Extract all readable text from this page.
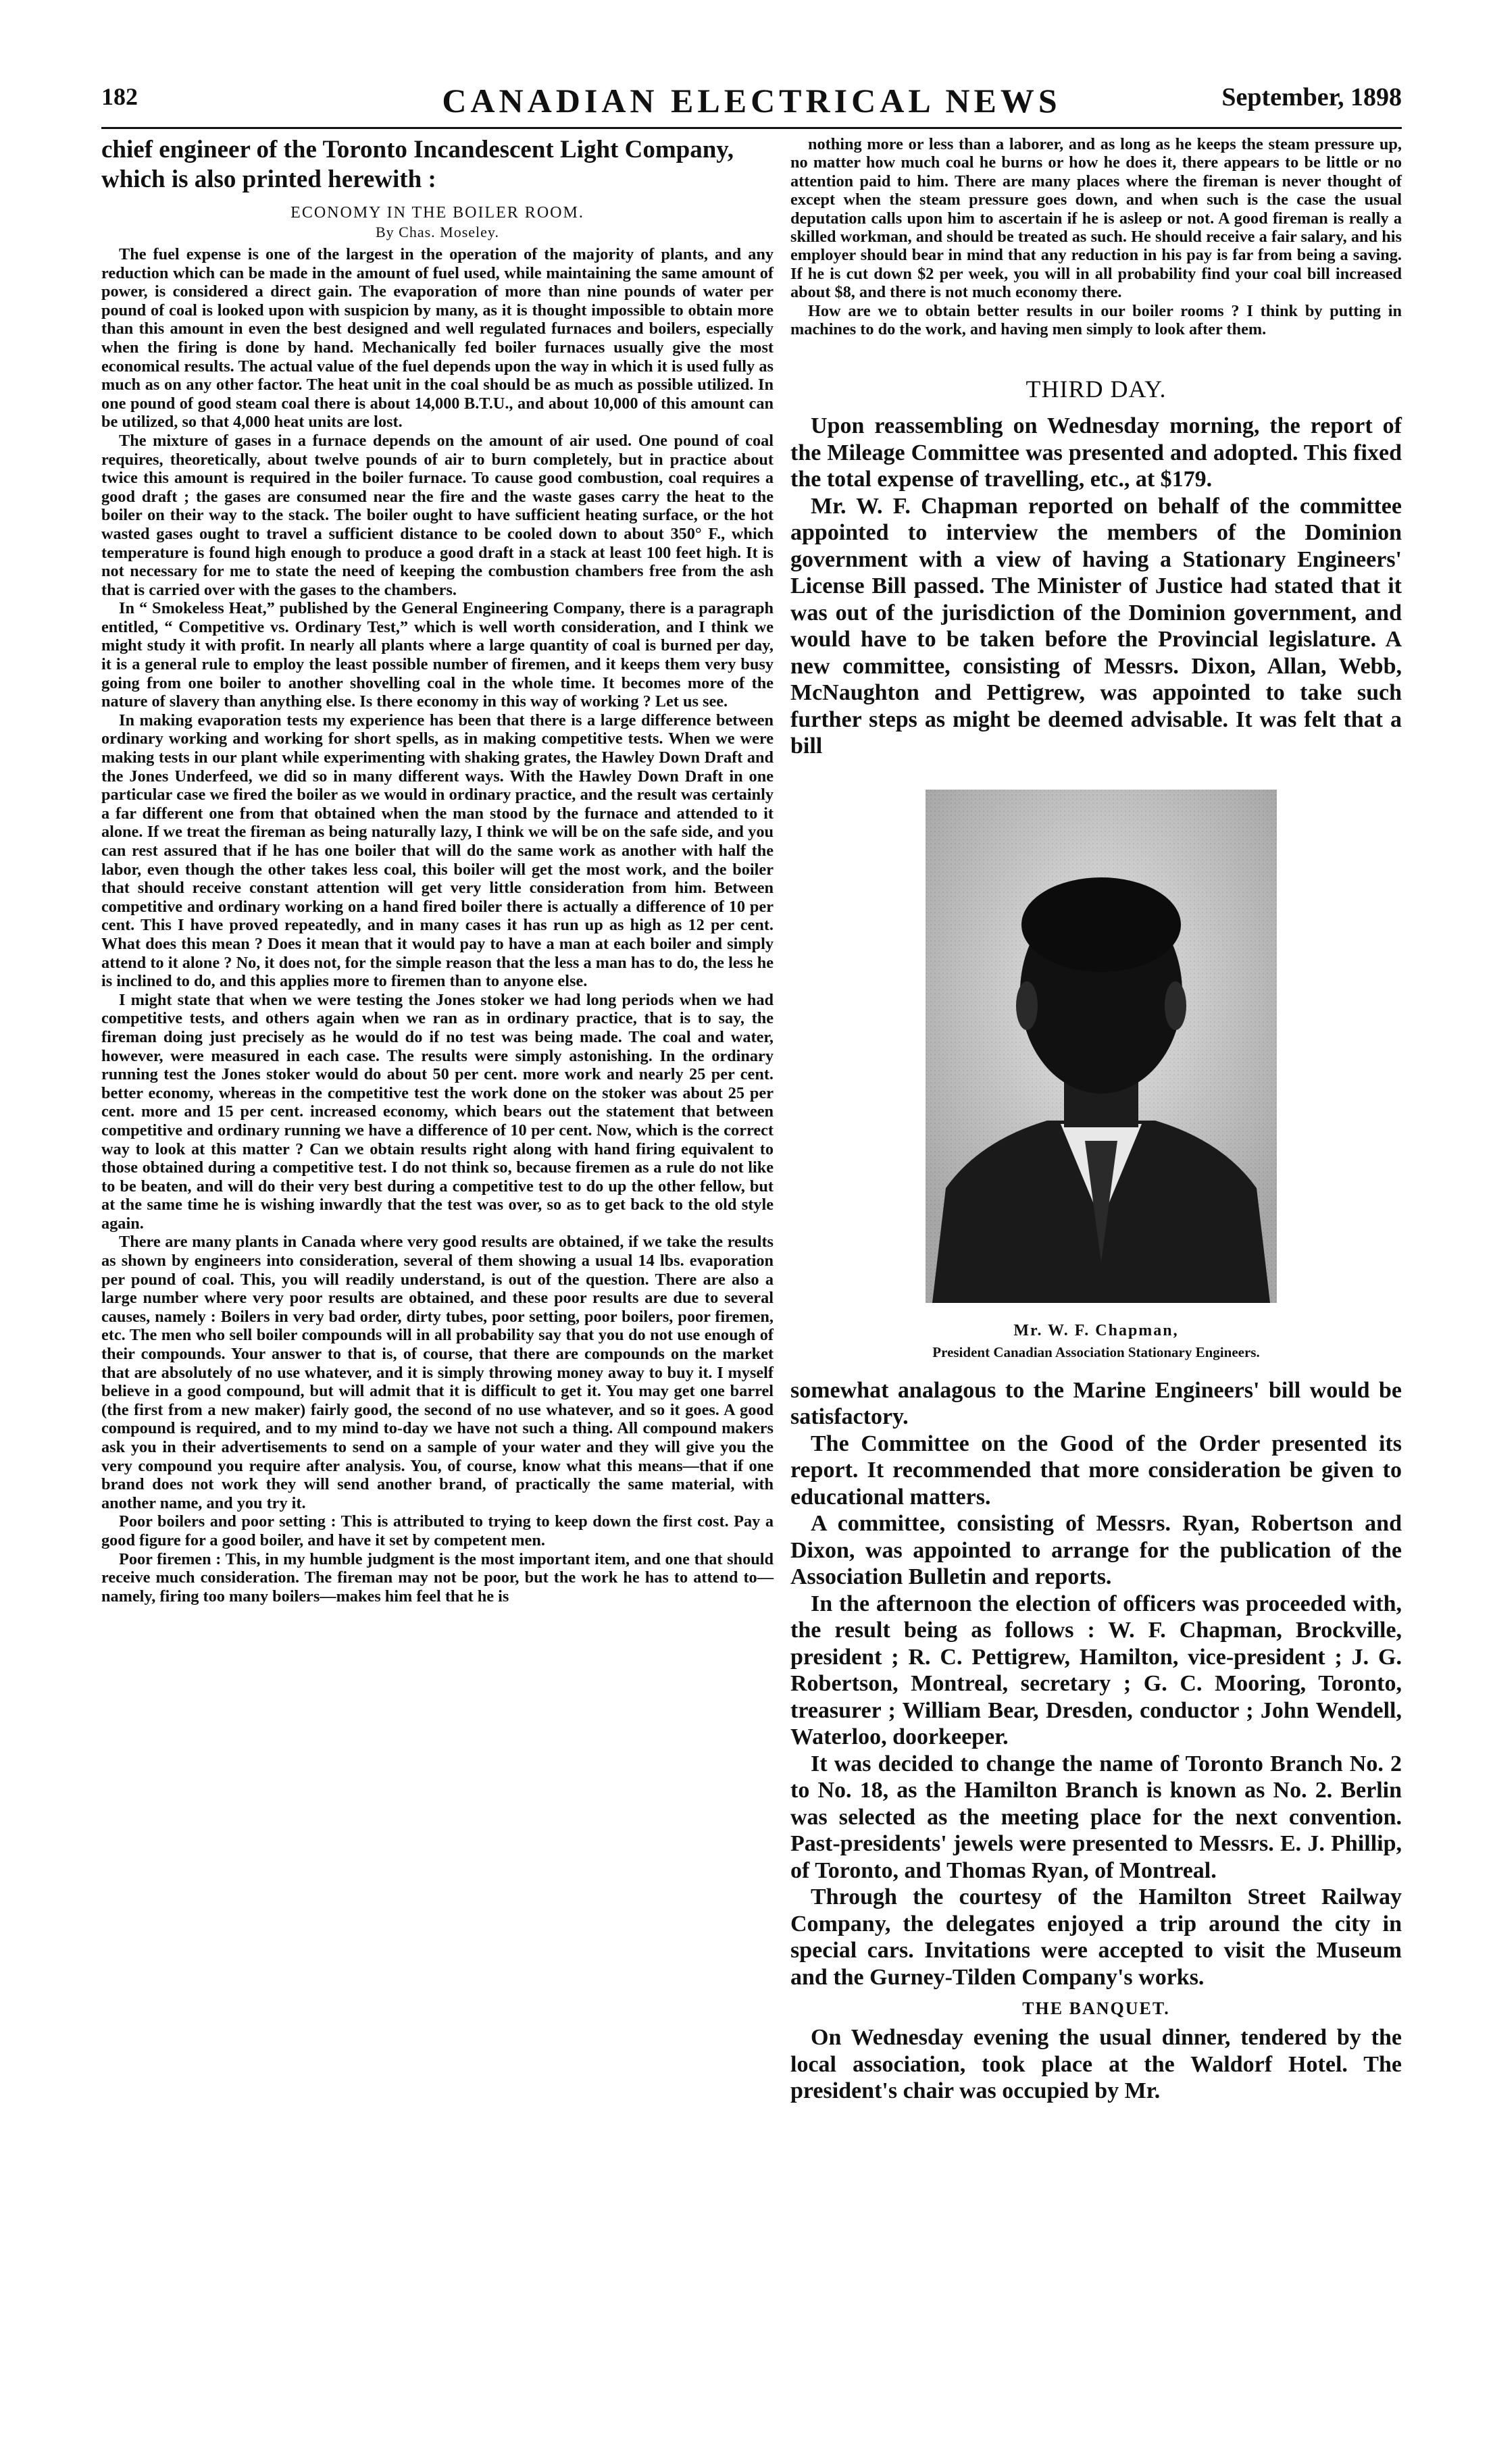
182	CANADIAN ELECTRICAL NEWS	September, 1898

chief engineer of the Toronto Incandescent Light Company, which is also printed herewith :

ECONOMY IN THE BOILER ROOM.
By Chas. Moseley.

The fuel expense is one of the largest in the operation of the majority of plants, and any reduction which can be made in the amount of fuel used, while maintaining the same amount of power, is considered a direct gain. The evaporation of more than nine pounds of water per pound of coal is looked upon with suspicion by many, as it is thought impossible to obtain more than this amount in even the best designed and well regulated furnaces and boilers, especially when the firing is done by hand. Mechanically fed boiler furnaces usually give the most economical results. The actual value of the fuel depends upon the way in which it is used fully as much as on any other factor. The heat unit in the coal should be as much as possible utilized. In one pound of good steam coal there is about 14,000 B.T.U., and about 10,000 of this amount can be utilized, so that 4,000 heat units are lost.

The mixture of gases in a furnace depends on the amount of air used. One pound of coal requires, theoretically, about twelve pounds of air to burn completely, but in practice about twice this amount is required in the boiler furnace. To cause good combustion, coal requires a good draft ; the gases are consumed near the fire and the waste gases carry the heat to the boiler on their way to the stack. The boiler ought to have sufficient heating surface, or the hot wasted gases ought to travel a sufficient distance to be cooled down to about 350° F., which temperature is found high enough to produce a good draft in a stack at least 100 feet high. It is not necessary for me to state the need of keeping the combustion chambers free from the ash that is carried over with the gases to the chambers.

In “ Smokeless Heat,” published by the General Engineering Company, there is a paragraph entitled, “ Competitive vs. Ordinary Test,” which is well worth consideration, and I think we might study it with profit. In nearly all plants where a large quantity of coal is burned per day, it is a general rule to employ the least possible number of firemen, and it keeps them very busy going from one boiler to another shovelling coal in the whole time. It becomes more of the nature of slavery than anything else. Is there economy in this way of working ? Let us see.

In making evaporation tests my experience has been that there is a large difference between ordinary working and working for short spells, as in making competitive tests. When we were making tests in our plant while experimenting with shaking grates, the Hawley Down Draft and the Jones Underfeed, we did so in many different ways. With the Hawley Down Draft in one particular case we fired the boiler as we would in ordinary practice, and the result was certainly a far different one from that obtained when the man stood by the furnace and attended to it alone. If we treat the fireman as being naturally lazy, I think we will be on the safe side, and you can rest assured that if he has one boiler that will do the same work as another with half the labor, even though the other takes less coal, this boiler will get the most work, and the boiler that should receive constant attention will get very little consideration from him. Between competitive and ordinary working on a hand fired boiler there is actually a difference of 10 per cent. This I have proved repeatedly, and in many cases it has run up as high as 12 per cent. What does this mean ? Does it mean that it would pay to have a man at each boiler and simply attend to it alone ? No, it does not, for the simple reason that the less a man has to do, the less he is inclined to do, and this applies more to firemen than to anyone else.

I might state that when we were testing the Jones stoker we had long periods when we had competitive tests, and others again when we ran as in ordinary practice, that is to say, the fireman doing just precisely as he would do if no test was being made. The coal and water, however, were measured in each case. The results were simply astonishing. In the ordinary running test the Jones stoker would do about 50 per cent. more work and nearly 25 per cent. better economy, whereas in the competitive test the work done on the stoker was about 25 per cent. more and 15 per cent. increased economy, which bears out the statement that between competitive and ordinary running we have a difference of 10 per cent. Now, which is the correct way to look at this matter ? Can we obtain results right along with hand firing equivalent to those obtained during a competitive test. I do not think so, because firemen as a rule do not like to be beaten, and will do their very best during a competitive test to do up the other fellow, but at the same time he is wishing inwardly that the test was over, so as to get back to the old style again.

There are many plants in Canada where very good results are obtained, if we take the results as shown by engineers into consideration, several of them showing a usual 14 lbs. evaporation per pound of coal. This, you will readily understand, is out of the question. There are also a large number where very poor results are obtained, and these poor results are due to several causes, namely : Boilers in very bad order, dirty tubes, poor setting, poor boilers, poor firemen, etc. The men who sell boiler compounds will in all probability say that you do not use enough of their compounds. Your answer to that is, of course, that there are compounds on the market that are absolutely of no use whatever, and it is simply throwing money away to buy it. I myself believe in a good compound, but will admit that it is difficult to get it. You may get one barrel (the first from a new maker) fairly good, the second of no use whatever, and so it goes. A good compound is required, and to my mind to-day we have not such a thing. All compound makers ask you in their advertisements to send on a sample of your water and they will give you the very compound you require after analysis. You, of course, know what this means—that if one brand does not work they will send another brand, of practically the same material, with another name, and you try it.

Poor boilers and poor setting : This is attributed to trying to keep down the first cost. Pay a good figure for a good boiler, and have it set by competent men.

Poor firemen : This, in my humble judgment is the most important item, and one that should receive much consideration. The fireman may not be poor, but the work he has to attend to—namely, firing too many boilers—makes him feel that he is

nothing more or less than a laborer, and as long as he keeps the steam pressure up, no matter how much coal he burns or how he does it, there appears to be little or no attention paid to him. There are many places where the fireman is never thought of except when the steam pressure goes down, and when such is the case the usual deputation calls upon him to ascertain if he is asleep or not. A good fireman is really a skilled workman, and should be treated as such. He should receive a fair salary, and his employer should bear in mind that any reduction in his pay is far from being a saving. If he is cut down $2 per week, you will in all probability find your coal bill increased about $8, and there is not much economy there.

How are we to obtain better results in our boiler rooms ? I think by putting in machines to do the work, and having men simply to look after them.

THIRD DAY.

Upon reassembling on Wednesday morning, the report of the Mileage Committee was presented and adopted. This fixed the total expense of travelling, etc., at $179.

Mr. W. F. Chapman reported on behalf of the committee appointed to interview the members of the Dominion government with a view of having a Stationary Engineers' License Bill passed. The Minister of Justice had stated that it was out of the jurisdiction of the Dominion government, and would have to be taken before the Provincial legislature. A new committee, consisting of Messrs. Dixon, Allan, Webb, McNaughton and Pettigrew, was appointed to take such further steps as might be deemed advisable. It was felt that a bill

Mr. W. F. Chapman,
President Canadian Association Stationary Engineers.

somewhat analagous to the Marine Engineers' bill would be satisfactory.

The Committee on the Good of the Order presented its report. It recommended that more consideration be given to educational matters.

A committee, consisting of Messrs. Ryan, Robertson and Dixon, was appointed to arrange for the publication of the Association Bulletin and reports.

In the afternoon the election of officers was proceeded with, the result being as follows : W. F. Chapman, Brockville, president ; R. C. Pettigrew, Hamilton, vice-president ; J. G. Robertson, Montreal, secretary ; G. C. Mooring, Toronto, treasurer ; William Bear, Dresden, conductor ; John Wendell, Waterloo, doorkeeper.

It was decided to change the name of Toronto Branch No. 2 to No. 18, as the Hamilton Branch is known as No. 2. Berlin was selected as the meeting place for the next convention. Past-presidents' jewels were presented to Messrs. E. J. Phillip, of Toronto, and Thomas Ryan, of Montreal.

Through the courtesy of the Hamilton Street Railway Company, the delegates enjoyed a trip around the city in special cars. Invitations were accepted to visit the Museum and the Gurney-Tilden Company's works.

THE BANQUET.

On Wednesday evening the usual dinner, tendered by the local association, took place at the Waldorf Hotel. The president's chair was occupied by Mr.
